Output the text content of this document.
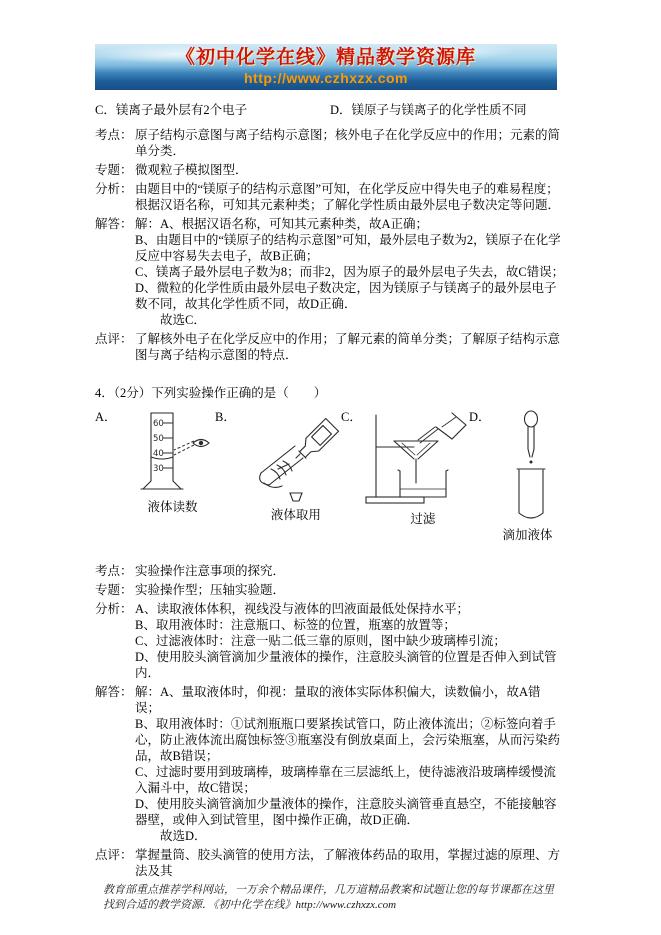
《初中化学在线》精品教学资源库
http://www.czhxzx.com
C．镁离子最外层有2个电子	D．镁原子与镁离子的化学性质不同
考点： 原子结构示意图与离子结构示意图；核外电子在化学反应中的作用；元素的简单分类．

专题： 微观粒子模拟图型．

分析： 由题目中的“镁原子的结构示意图”可知，在化学反应中得失电子的难易程度；根据汉语名称，可知其元素种类；了解化学性质由最外层电子数决定等问题．

解答： 解：A、根据汉语名称，可知其元素种类，故A正确；

B、由题目中的“镁原子的结构示意图”可知，最外层电子数为2，镁原子在化学反应中容易失去电子，故B正确；

C、镁离子最外层电子数为8；而非2，因为原子的最外层电子失去，故C错误；

D、微粒的化学性质由最外层电子数决定，因为镁原子与镁离子的最外层电子数不同，故其化学性质不同，故D正确．

故选C．

点评： 了解核外电子在化学反应中的作用；了解元素的简单分类；了解原子结构示意图与离子结构示意图的特点．

4．（2分）下列实验操作正确的是（　　）
A．	60
50
40
30
液体读数
B．
液体取用
C．
过滤
D．
滴加液体
考点： 实验操作注意事项的探究．

专题： 实验操作型；压轴实验题．

分析： A、读取液体体积，视线没与液体的凹液面最低处保持水平；

B、取用液体时：注意瓶口、标签的位置，瓶塞的放置等；

C、过滤液体时：注意一贴二低三靠的原则，图中缺少玻璃棒引流；

D、使用胶头滴管滴加少量液体的操作，注意胶头滴管的位置是否伸入到试管内．

解答： 解：A、量取液体时，仰视：量取的液体实际体积偏大，读数偏小，故A错误；

B、取用液体时：①试剂瓶瓶口要紧挨试管口，防止液体流出；②标签向着手心，防止液体流出腐蚀标签③瓶塞没有倒放桌面上，会污染瓶塞，从而污染药品，故B错误；

C、过滤时要用到玻璃棒，玻璃棒靠在三层滤纸上，使待滤液沿玻璃棒缓慢流入漏斗中，故C错误；

D、使用胶头滴管滴加少量液体的操作，注意胶头滴管垂直悬空，不能接触容器壁，或伸入到试管里，图中操作正确，故D正确．

故选D．

点评： 掌握量筒、胶头滴管的使用方法，了解液体药品的取用，掌握过滤的原理、方法及其

教育部重点推荐学科网站，一万余个精品课件，几万道精品教案和试题让您的每节课都在这里找到合适的教学资源．《初中化学在线》http://www.czhxzx.com
